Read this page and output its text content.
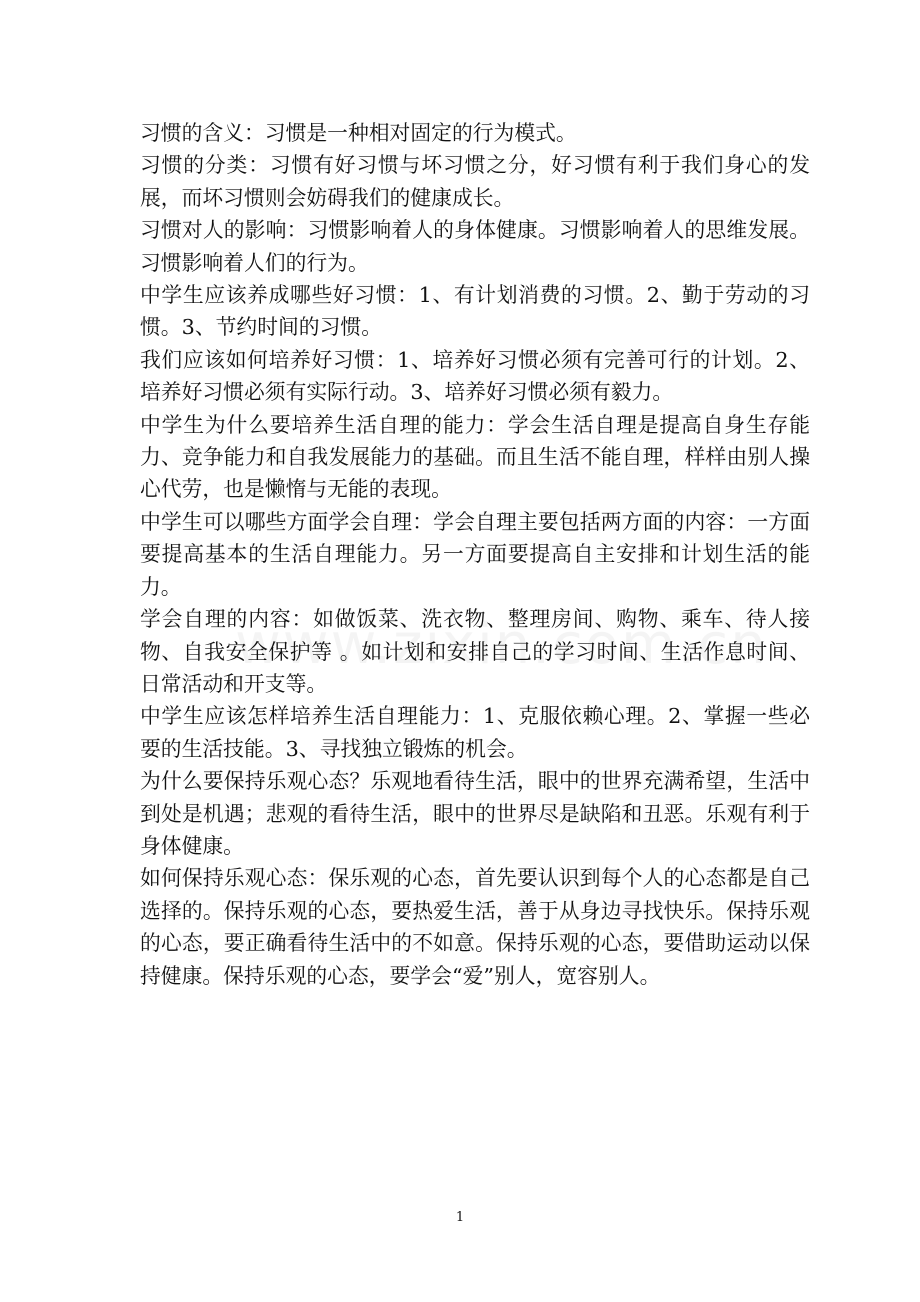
习惯的含义：习惯是一种相对固定的行为模式。

习惯的分类：习惯有好习惯与坏习惯之分，好习惯有利于我们身心的发展，而坏习惯则会妨碍我们的健康成长。

习惯对人的影响：习惯影响着人的身体健康。习惯影响着人的思维发展。习惯影响着人们的行为。

中学生应该养成哪些好习惯：1、有计划消费的习惯。2、勤于劳动的习惯。3、节约时间的习惯。

我们应该如何培养好习惯：1、培养好习惯必须有完善可行的计划。2、培养好习惯必须有实际行动。3、培养好习惯必须有毅力。

中学生为什么要培养生活自理的能力：学会生活自理是提高自身生存能力、竞争能力和自我发展能力的基础。而且生活不能自理，样样由别人操心代劳，也是懒惰与无能的表现。

中学生可以哪些方面学会自理：学会自理主要包括两方面的内容：一方面要提高基本的生活自理能力。另一方面要提高自主安排和计划生活的能力。

学会自理的内容：如做饭菜、洗衣物、整理房间、购物、乘车、待人接物、自我安全保护等 。如计划和安排自己的学习时间、生活作息时间、日常活动和开支等。

中学生应该怎样培养生活自理能力：1、克服依赖心理。2、掌握一些必要的生活技能。3、寻找独立锻炼的机会。

为什么要保持乐观心态？乐观地看待生活，眼中的世界充满希望，生活中到处是机遇；悲观的看待生活，眼中的世界尽是缺陷和丑恶。乐观有利于身体健康。

如何保持乐观心态：保乐观的心态，首先要认识到每个人的心态都是自己选择的。保持乐观的心态，要热爱生活，善于从身边寻找快乐。保持乐观的心态，要正确看待生活中的不如意。保持乐观的心态，要借助运动以保持健康。保持乐观的心态，要学会“爱”别人，宽容别人。

1
